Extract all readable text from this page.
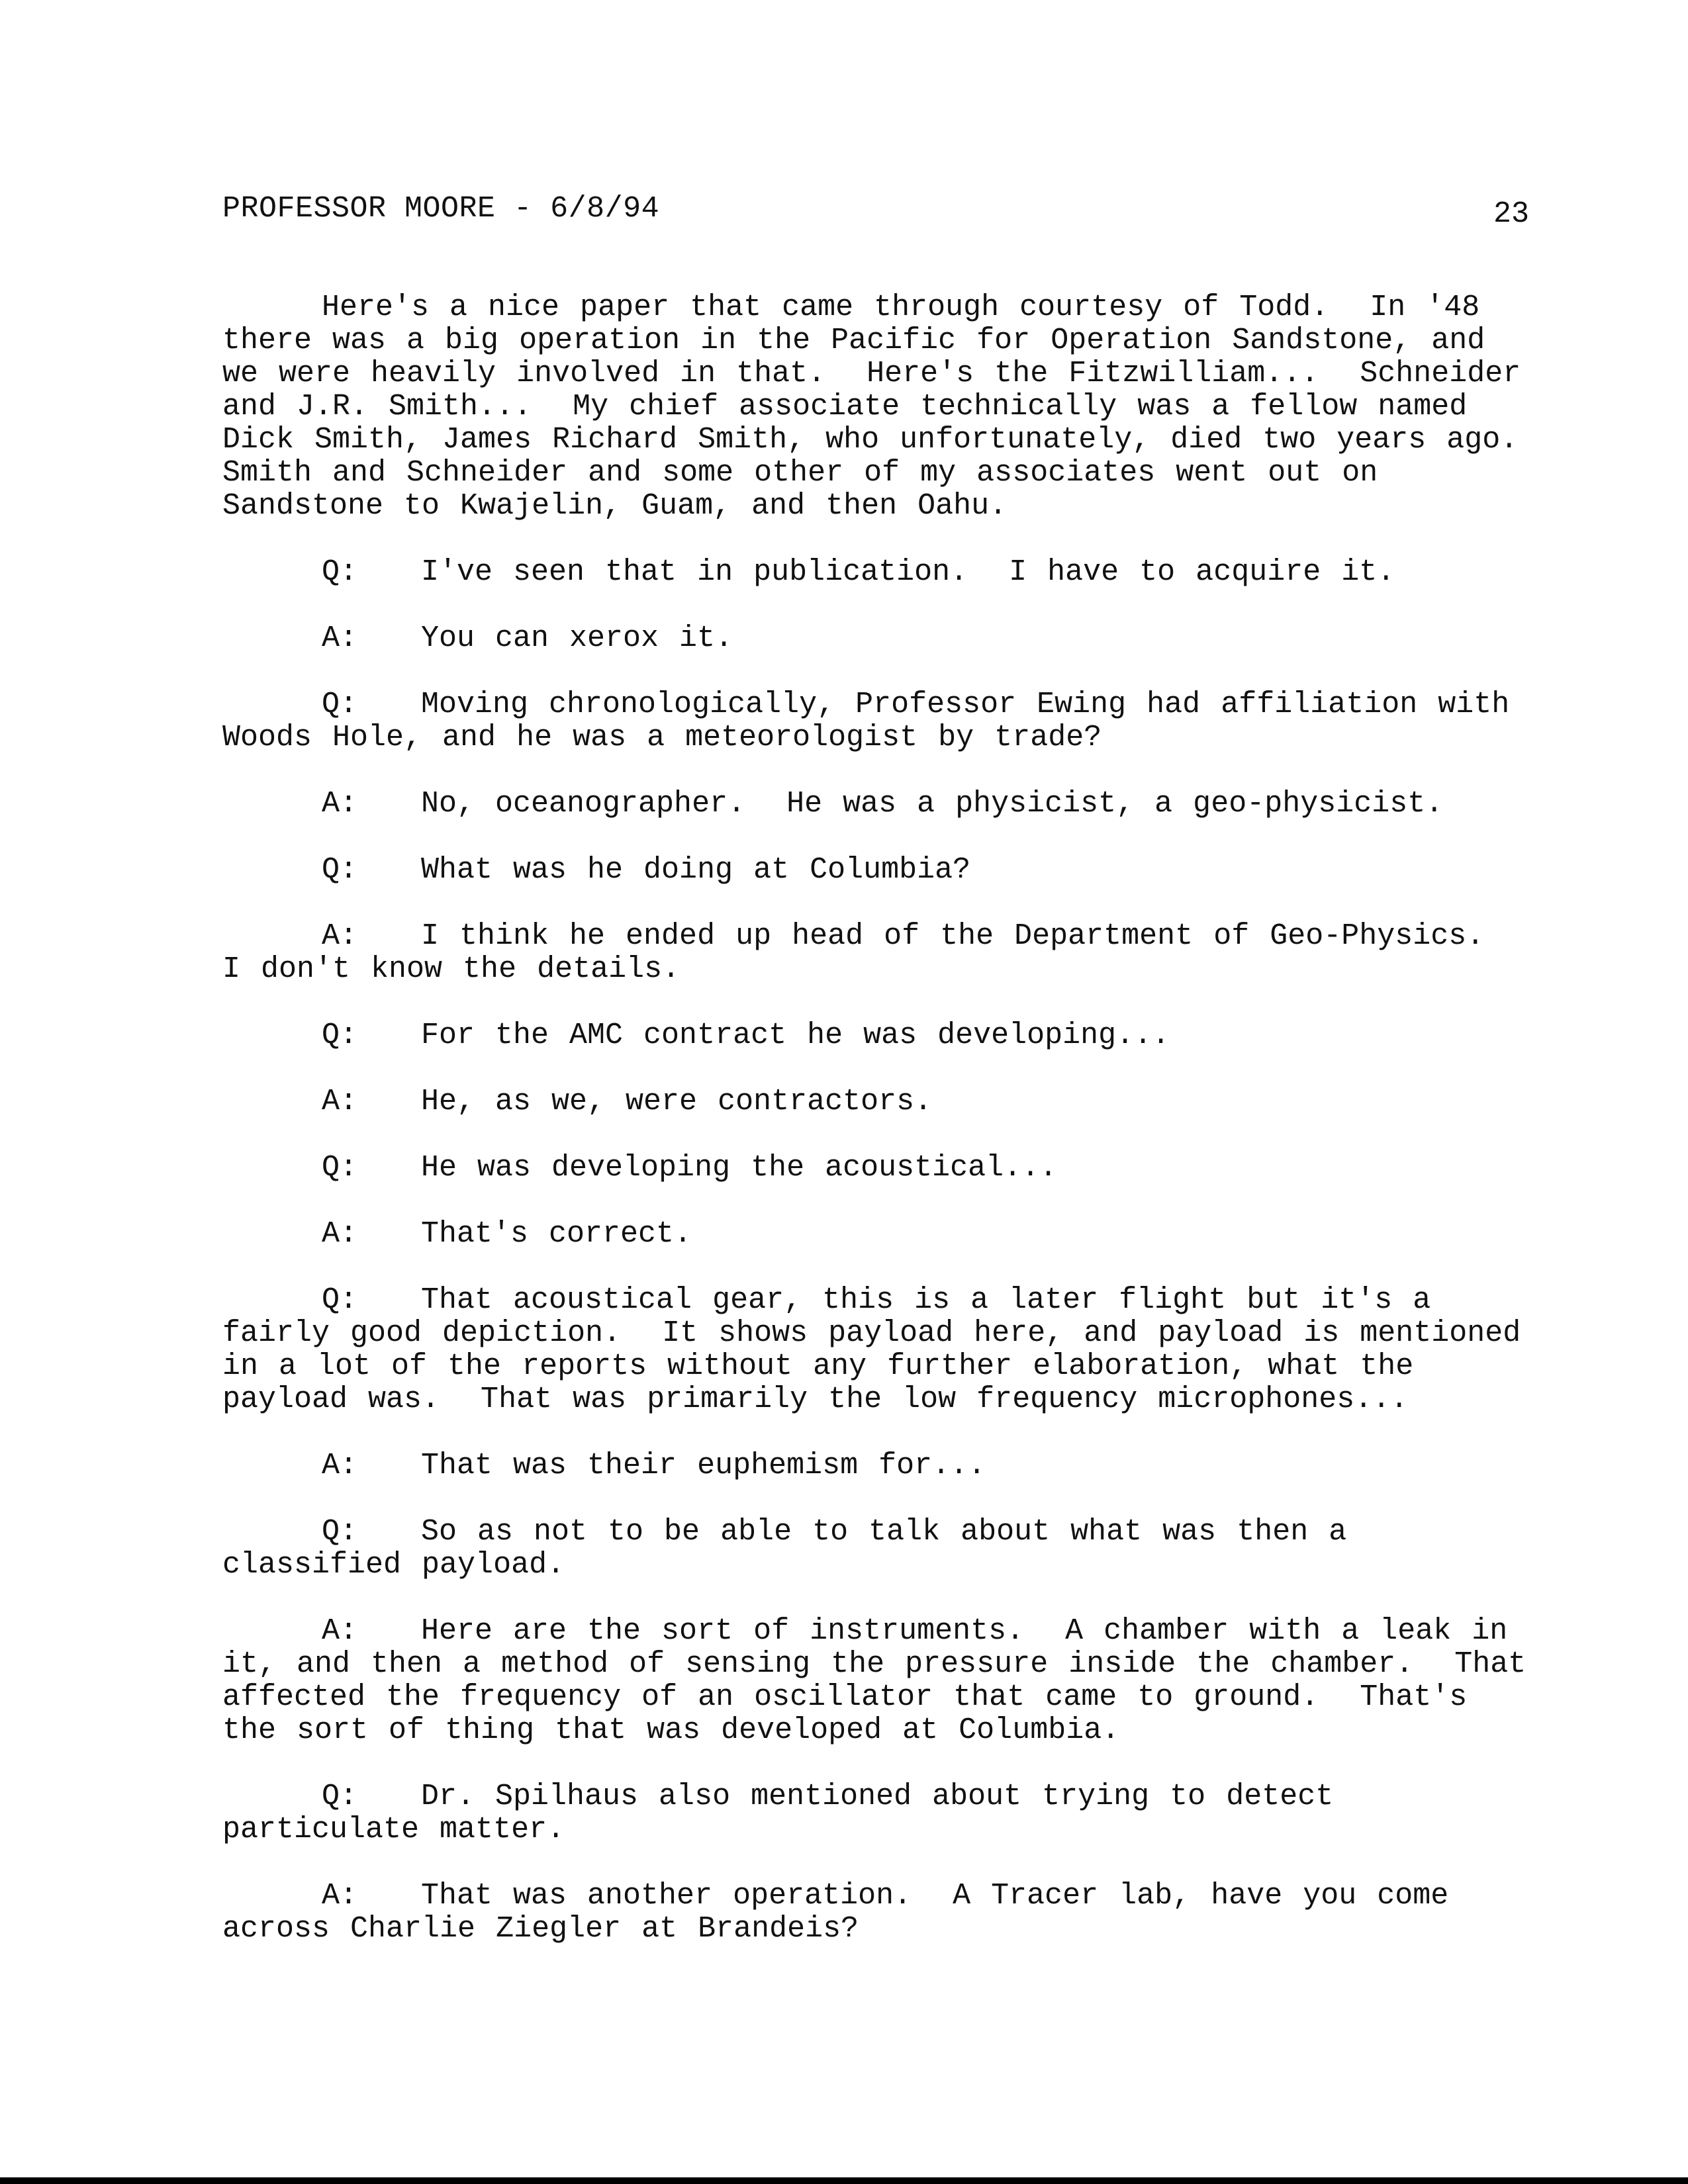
PROFESSOR MOORE - 6/8/94	23

Here's a nice paper that came through courtesy of Todd.  In '48 there was a big operation in the Pacific for Operation Sandstone, and we were heavily involved in that.  Here's the Fitzwilliam...  Schneider and J.R. Smith...  My chief associate technically was a fellow named Dick Smith, James Richard Smith, who unfortunately, died two years ago.  Smith and Schneider and some other of my associates went out on Sandstone to Kwajelin, Guam, and then Oahu.

Q: I've seen that in publication.  I have to acquire it.

A: You can xerox it.

Q: Moving chronologically, Professor Ewing had affiliation with Woods Hole, and he was a meteorologist by trade?

A: No, oceanographer.  He was a physicist, a geo-physicist.

Q: What was he doing at Columbia?

A: I think he ended up head of the Department of Geo-Physics.  I don't know the details.

Q: For the AMC contract he was developing...

A: He, as we, were contractors.

Q: He was developing the acoustical...

A: That's correct.

Q: That acoustical gear, this is a later flight but it's a fairly good depiction.  It shows payload here, and payload is mentioned in a lot of the reports without any further elaboration, what the payload was.  That was primarily the low frequency microphones...

A: That was their euphemism for...

Q: So as not to be able to talk about what was then a classified payload.

A: Here are the sort of instruments.  A chamber with a leak in it, and then a method of sensing the pressure inside the chamber.  That affected the frequency of an oscillator that came to ground.  That's the sort of thing that was developed at Columbia.

Q: Dr. Spilhaus also mentioned about trying to detect particulate matter.

A: That was another operation.  A Tracer lab, have you come across Charlie Ziegler at Brandeis?
